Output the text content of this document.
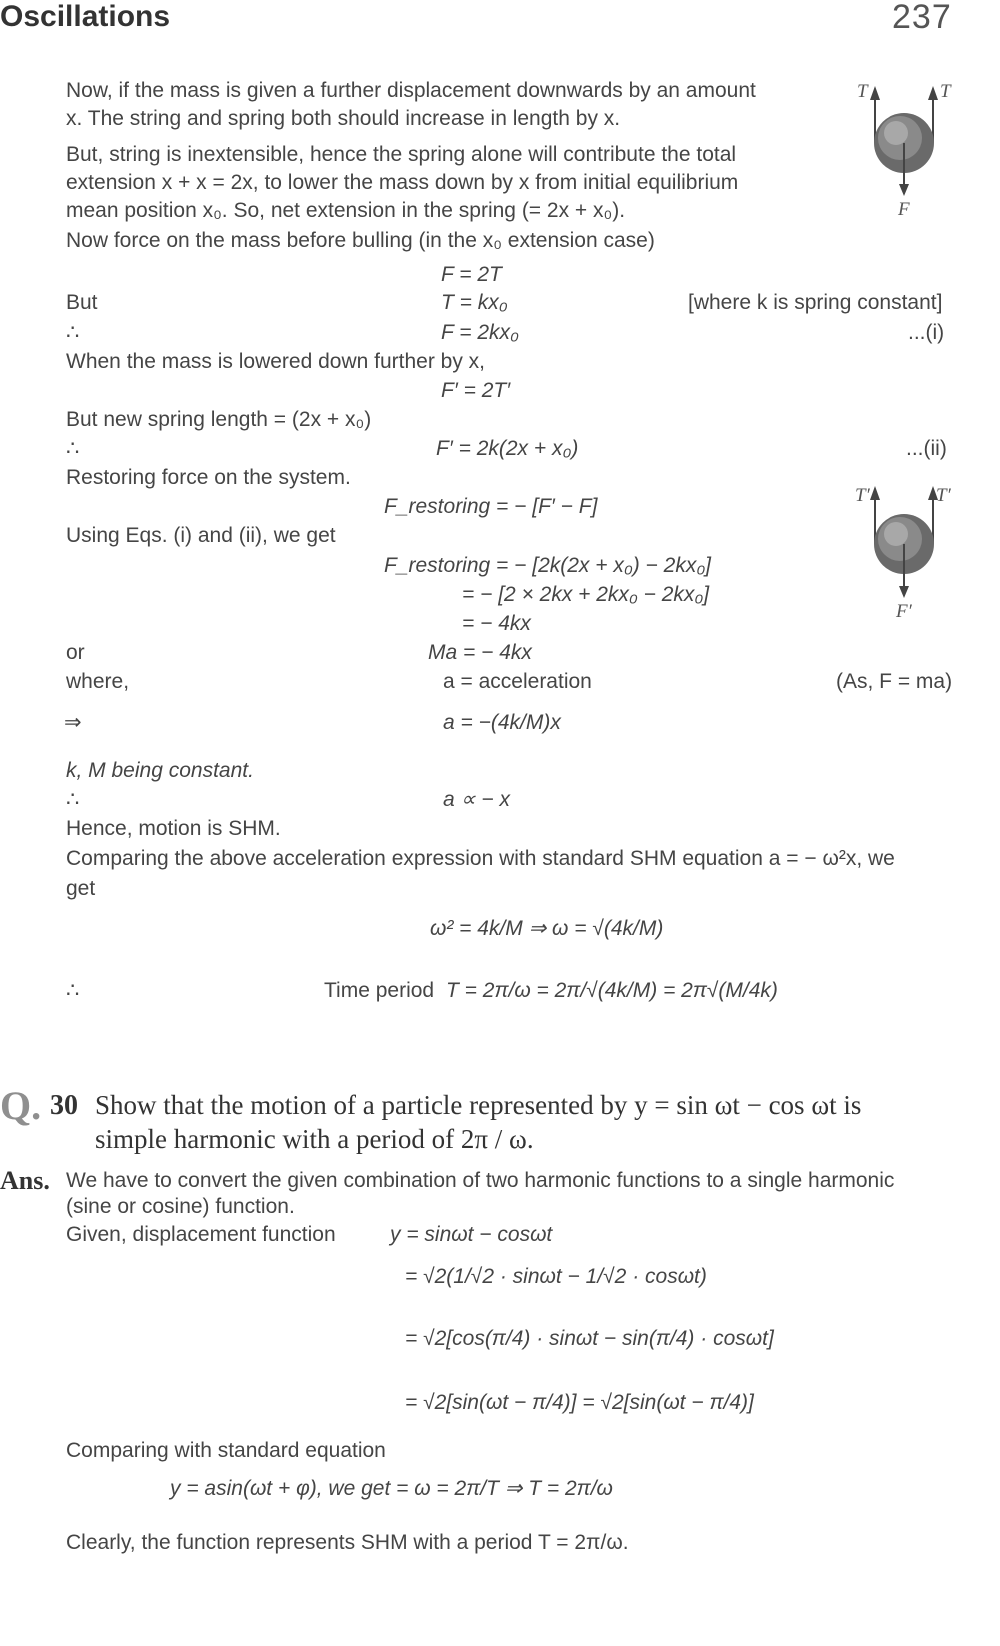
Oscillations	237
Now, if the mass is given a further displacement downwards by an amount
x. The string and spring both should increase in length by x.
But, string is inextensible, hence the spring alone will contribute the total
extension x + x = 2x, to lower the mass down by x from initial equilibrium
mean position x₀. So, net extension in the spring (= 2x + x₀).
Now force on the mass before bulling (in the x₀ extension case)
T	T
F
F = 2T
But	T = kx₀	[where k is spring constant]
∴	F = 2kx₀	...(i)
When the mass is lowered down further by x,
F′ = 2T′
But new spring length = (2x + x₀)
∴	F′ = 2k(2x + x₀)	...(ii)
Restoring force on the system.
F_restoring = − [F′ − F]
Using Eqs. (i) and (ii), we get
T′	T′
F′
F_restoring = − [2k(2x + x₀) − 2kx₀]
= − [2 × 2kx + 2kx₀ − 2kx₀]
= − 4kx
or	Ma = − 4kx
where,	a = acceleration	(As, F = ma)
⇒	a = −(4k/M)x
k, M being constant.
∴	a ∝ − x
Hence, motion is SHM.
Comparing the above acceleration expression with standard SHM equation a = − ω²x, we
get
ω² = 4k/M ⇒ ω = √(4k/M)
∴	Time period T = 2π/ω = 2π/√(4k/M) = 2π√(M/4k)
Q. 30 Show that the motion of a particle represented by y = sin ωt − cos ωt is
simple harmonic with a period of 2π / ω.
Ans. We have to convert the given combination of two harmonic functions to a single harmonic
(sine or cosine) function.
Given, displacement function	y = sinωt − cosωt
= √2(1/√2 · sinωt − 1/√2 · cosωt)
= √2[cos(π/4) · sinωt − sin(π/4) · cosωt]
= √2[sin(ωt − π/4)] = √2[sin(ωt − π/4)]
Comparing with standard equation
y = asin(ωt + φ), we get = ω = 2π/T ⇒ T = 2π/ω
Clearly, the function represents SHM with a period T = 2π/ω.
